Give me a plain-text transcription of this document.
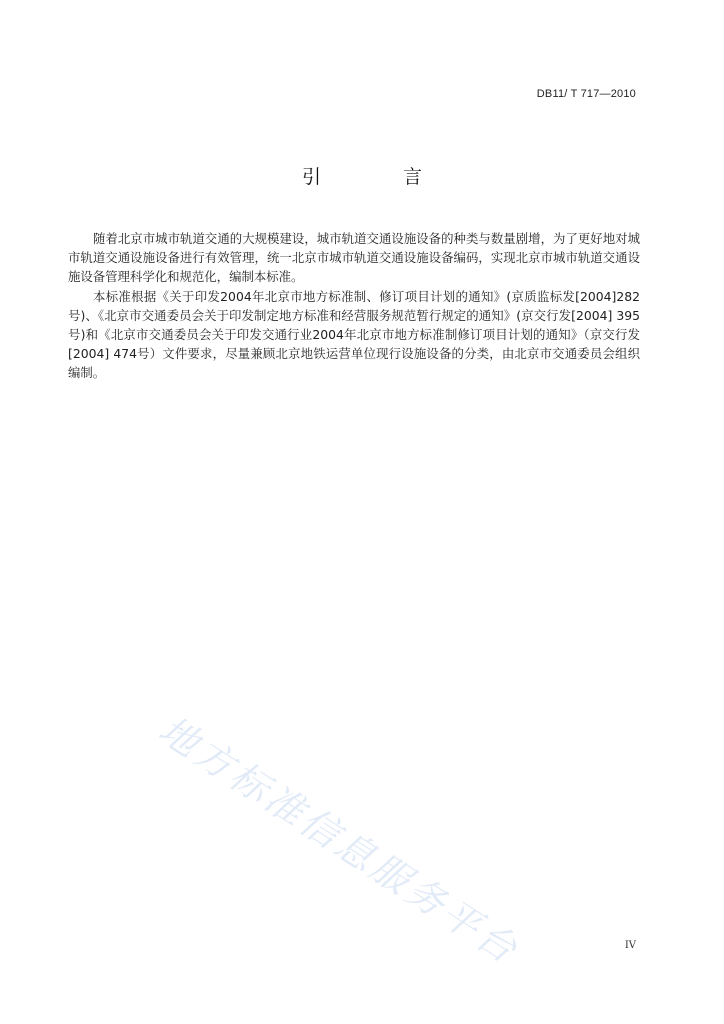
DB11/ T 717—2010
引 言

随着北京市城市轨道交通的大规模建设，城市轨道交通设施设备的种类与数量剧增，为了更好地对城市轨道交通设施设备进行有效管理，统一北京市城市轨道交通设施设备编码，实现北京市城市轨道交通设施设备管理科学化和规范化，编制本标准。

本标准根据《关于印发2004年北京市地方标准制、修订项目计划的通知》(京质监标发[2004]282号)、《北京市交通委员会关于印发制定地方标准和经营服务规范暂行规定的通知》(京交行发[2004] 395号)和《北京市交通委员会关于印发交通行业2004年北京市地方标准制修订项目计划的通知》（京交行发[2004] 474号）文件要求，尽量兼顾北京地铁运营单位现行设施设备的分类，由北京市交通委员会组织编制。

地方标准信息服务平台	IV
